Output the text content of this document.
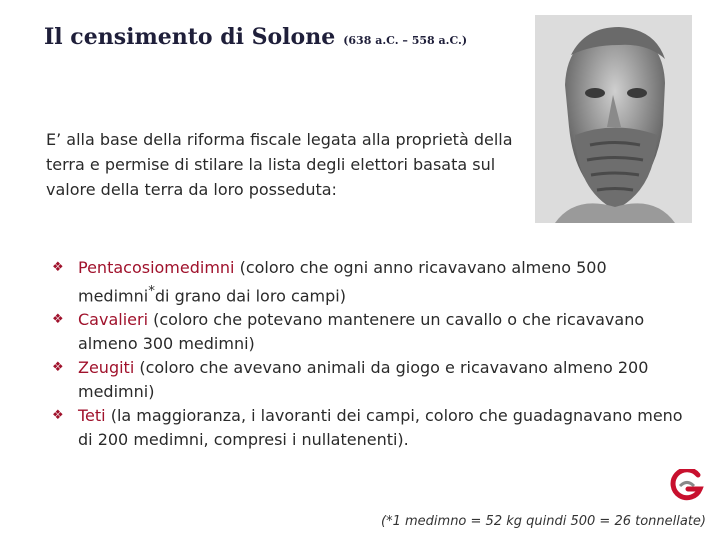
Il censimento di Solone (638 a.C. – 558 a.C.)
E’ alla base della riforma fiscale legata alla proprietà della terra e permise di stilare la lista degli elettori basata sul valore della terra da loro posseduta:
❖ Pentacosiomedimni (coloro che ogni anno ricavavano almeno 500 medimni*di grano dai loro campi)
❖ Cavalieri (coloro che potevano mantenere un cavallo o che ricavavano almeno 300 medimni)
❖ Zeugiti (coloro che avevano animali da giogo e ricavavano almeno 200 medimni)
❖ Teti (la maggioranza, i lavoranti dei campi, coloro che guadagnavano meno di 200 medimni, compresi i nullatenenti).
(*1 medimno = 52 kg quindi 500 = 26 tonnellate)
